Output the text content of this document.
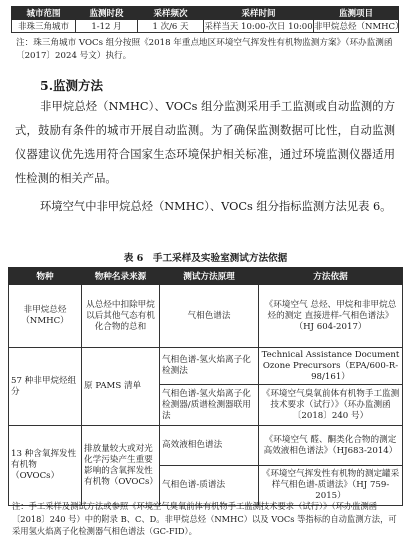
城市范围	监测时段	采样频次	采样时间	监测项目
非珠三角城市	1-12 月	1 次/6 天	采样当天 10:00-次日 10:00	非甲烷总烃（NMHC）
注：珠三角城市 VOCs 组分按照《2018 年重点地区环境空气挥发性有机物监测方案》（环办监测函〔2017〕2024 号文）执行。
5.监测方法
非甲烷总烃（NMHC）、VOCs 组分监测采用手工监测或自动监测的方式，鼓励有条件的城市开展自动监测。为了确保监测数据可比性，自动监测仪器建议优先选用符合国家生态环境保护相关标准，通过环境监测仪器适用性检测的相关产品。
环境空气中非甲烷总烃（NMHC）、VOCs 组分指标监测方法见表 6。
表 6　手工采样及实验室测试方法依据
物种	物种名录来源	测试方法原理	方法依据
非甲烷总烃（NMHC）	从总烃中扣除甲烷以后其他气态有机化合物的总和	气相色谱法	《环境空气 总烃、甲烷和非甲烷总烃的测定 直接进样-气相色谱法》（HJ 604-2017）
57 种非甲烷烃组分	原 PAMS 清单	气相色谱-氢火焰离子化检测法	Technical Assistance Document Ozone Precursors（EPA/600-R-98/161）
		气相色谱-氢火焰离子化检测器/质谱检测器联用法	《环境空气臭氧前体有机物手工监测技术要求（试行）》（环办监测函〔2018〕240 号）
13 种含氧挥发性有机物（OVOCs）	排放量较大或对光化学污染产生重要影响的含氧挥发性有机物（OVOCs）	高效液相色谱法	《环境空气 醛、酮类化合物的测定高效液相色谱法》（HJ683-2014）
		气相色谱-质谱法	《环境空气挥发性有机物的测定罐采样气相色谱-质谱法》（HJ 759-2015）
注：手工采样及测试方法或参照《环境空气臭氧前体有机物手工监测技术要求（试行）》（环办监测函〔2018〕240 号）中的附录 B、C、D。非甲烷总烃（NMHC）以及 VOCs 等指标的自动监测方法，可采用氢火焰离子化检测器气相色谱法（GC-FID）。
